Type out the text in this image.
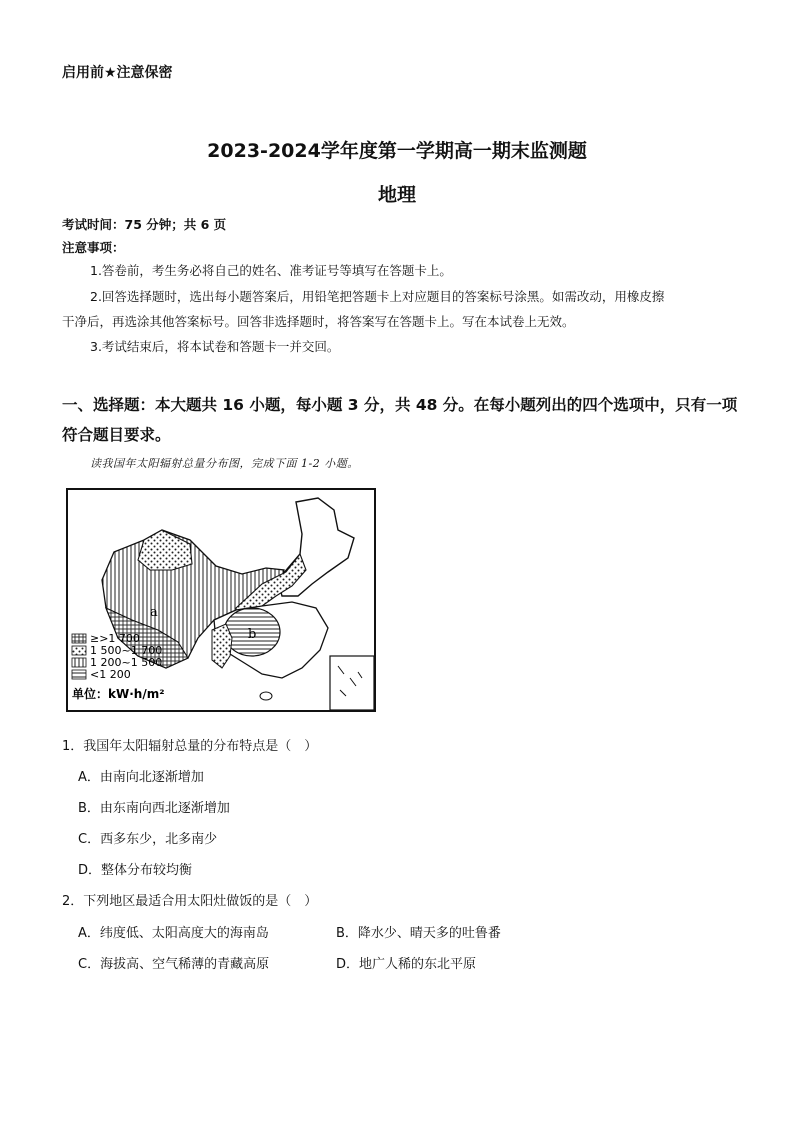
启用前★注意保密
2023-2024学年度第一学期高一期末监测题
地理
考试时间：75 分钟；共 6 页
注意事项：
1.答卷前，考生务必将自己的姓名、准考证号等填写在答题卡上。
2.回答选择题时，选出每小题答案后，用铅笔把答题卡上对应题目的答案标号涂黑。如需改动，用橡皮擦
干净后，再选涂其他答案标号。回答非选择题时，将答案写在答题卡上。写在本试卷上无效。
3.考试结束后，将本试卷和答题卡一并交回。
一、选择题：本大题共 16 小题，每小题 3 分，共 48 分。在每小题列出的四个选项中，只有一项符合题目要求。
读我国年太阳辐射总量分布图，完成下面 1-2 小题。
a
b
≥>1 700
1 500~1 700
1 200~1 500
<1 200
单位：kW·h/m²
1．我国年太阳辐射总量的分布特点是（　）
A．由南向北逐渐增加
B．由东南向西北逐渐增加
C．西多东少，北多南少
D．整体分布较均衡
2．下列地区最适合用太阳灶做饭的是（　）
A．纬度低、太阳高度大的海南岛	B．降水少、晴天多的吐鲁番
C．海拔高、空气稀薄的青藏高原	D．地广人稀的东北平原
